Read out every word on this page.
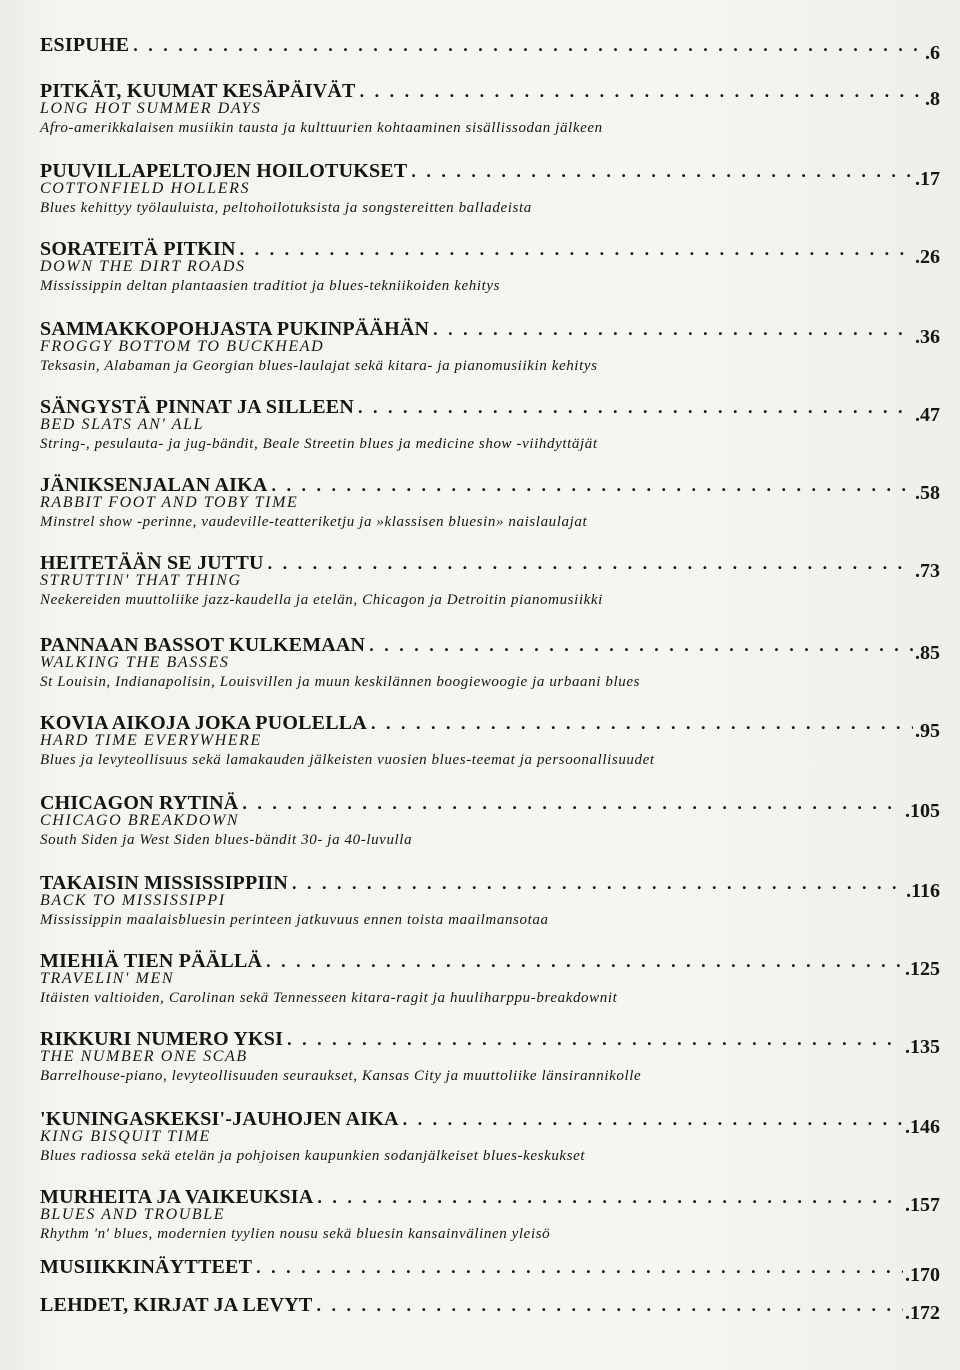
ESIPUHE . . .	.6
PITKÄT, KUUMAT KESÄPÄIVÄT . . .	.8
LONG HOT SUMMER DAYS
Afro-amerikkalaisen musiikin tausta ja kulttuurien kohtaaminen sisällissodan jälkeen
PUUVILLAPELTOJEN HOILOTUKSET . . .	.17
COTTONFIELD HOLLERS
Blues kehittyy työlauluista, peltohoilotuksista ja songstereitten balladeista
SORATEITÄ PITKIN . . .	.26
DOWN THE DIRT ROADS
Mississippin deltan plantaasien traditiot ja blues-tekniikoiden kehitys
SAMMAKKOPOHJASTA PUKINPÄÄHÄN . . .	.36
FROGGY BOTTOM TO BUCKHEAD
Teksasin, Alabaman ja Georgian blues-laulajat sekä kitara- ja pianomusiikin kehitys
SÄNGYSTÄ PINNAT JA SILLEEN . . .	.47
BED SLATS AN' ALL
String-, pesulauta- ja jug-bändit, Beale Streetin blues ja medicine show -viihdyttäjät
JÄNIKSENJALAN AIKA . . .	.58
RABBIT FOOT AND TOBY TIME
Minstrel show -perinne, vaudeville-teatteriketju ja »klassisen bluesin» naislaulajat
HEITETÄÄN SE JUTTU . . .	.73
STRUTTIN' THAT THING
Neekereiden muuttoliike jazz-kaudella ja etelän, Chicagon ja Detroitin pianomusiikki
PANNAAN BASSOT KULKEMAAN . . .	.85
WALKING THE BASSES
St Louisin, Indianapolisin, Louisvillen ja muun keskilännen boogiewoogie ja urbaani blues
KOVIA AIKOJA JOKA PUOLELLA . . .	.95
HARD TIME EVERYWHERE
Blues ja levyteollisuus sekä lamakauden jälkeisten vuosien blues-teemat ja persoonallisuudet
CHICAGON RYTINÄ . . .	.105
CHICAGO BREAKDOWN
South Siden ja West Siden blues-bändit 30- ja 40-luvulla
TAKAISIN MISSISSIPPIIN . . .	.116
BACK TO MISSISSIPPI
Mississippin maalaisbluesin perinteen jatkuvuus ennen toista maailmansotaa
MIEHIÄ TIEN PÄÄLLÄ . . .	.125
TRAVELIN' MEN
Itäisten valtioiden, Carolinan sekä Tennesseen kitara-ragit ja huuliharppu-breakdownit
RIKKURI NUMERO YKSI . . .	.135
THE NUMBER ONE SCAB
Barrelhouse-piano, levyteollisuuden seuraukset, Kansas City ja muuttoliike länsirannikolle
'KUNINGASKEKSI'-JAUHOJEN AIKA . . .	.146
KING BISQUIT TIME
Blues radiossa sekä etelän ja pohjoisen kaupunkien sodanjälkeiset blues-keskukset
MURHEITA JA VAIKEUKSIA . . .	.157
BLUES AND TROUBLE
Rhythm 'n' blues, modernien tyylien nousu sekä bluesin kansainvälinen yleisö
MUSIIKKINÄYTTEET . . .	.170
LEHDET, KIRJAT JA LEVYT . . .	.172
